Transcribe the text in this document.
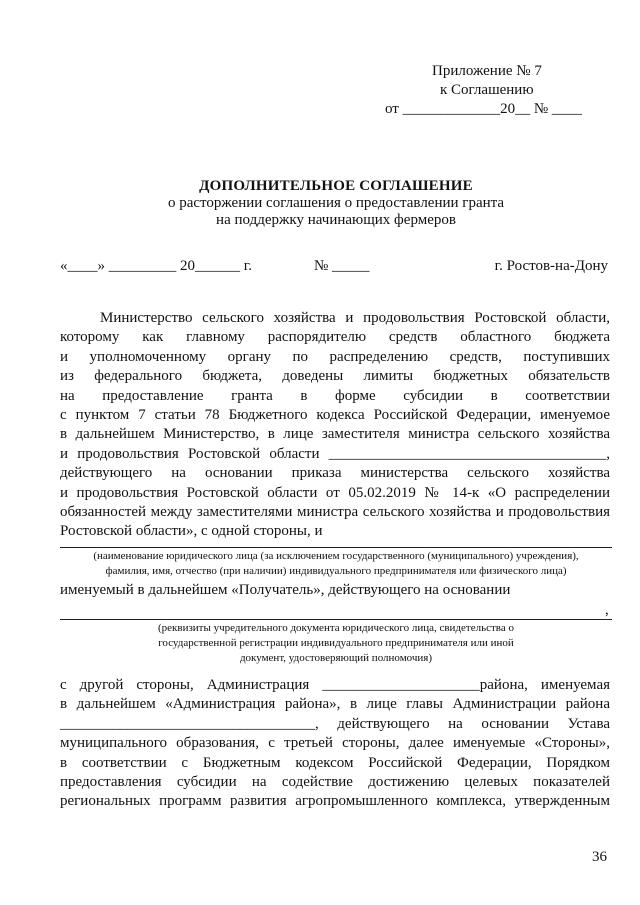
Приложение № 7
к Соглашению
от _____________20__ № ____
ДОПОЛНИТЕЛЬНОЕ СОГЛАШЕНИЕ
о расторжении соглашения о предоставлении гранта
на поддержку начинающих фермеров
«____» _________ 20______ г.	№ _____	г. Ростов-на-Дону
Министерство сельского хозяйства и продовольствия Ростовской области,
которому как главному распорядителю средств областного бюджета
и уполномоченному органу по распределению средств, поступивших
из федерального бюджета, доведены лимиты бюджетных обязательств
на предоставление гранта в форме субсидии в соответствии
с пунктом 7 статьи 78 Бюджетного кодекса Российской Федерации, именуемое
в дальнейшем Министерство, в лице заместителя министра сельского хозяйства
и продовольствия Ростовской области _____________________________________,
действующего на основании приказа министерства сельского хозяйства
и продовольствия Ростовской области от 05.02.2019 № 14-к «О распределении
обязанностей между заместителями министра сельского хозяйства и продовольствия
Ростовской области», с одной стороны, и
(наименование юридического лица (за исключением государственного (муниципального) учреждения),
фамилия, имя, отчество (при наличии) индивидуального предпринимателя или физического лица)
именуемый в дальнейшем «Получатель», действующего на основании
,
(реквизиты учредительного документа юридического лица, свидетельства о
государственной регистрации индивидуального предпринимателя или иной
документ, удостоверяющий полномочия)
с другой стороны, Администрация _____________________района, именуемая
в дальнейшем «Администрация района», в лице главы Администрации района
__________________________________, действующего на основании Устава
муниципального образования, с третьей стороны, далее именуемые «Стороны»,
в соответствии с Бюджетным кодексом Российской Федерации, Порядком
предоставления субсидии на содействие достижению целевых показателей
региональных программ развития агропромышленного комплекса, утвержденным
36
